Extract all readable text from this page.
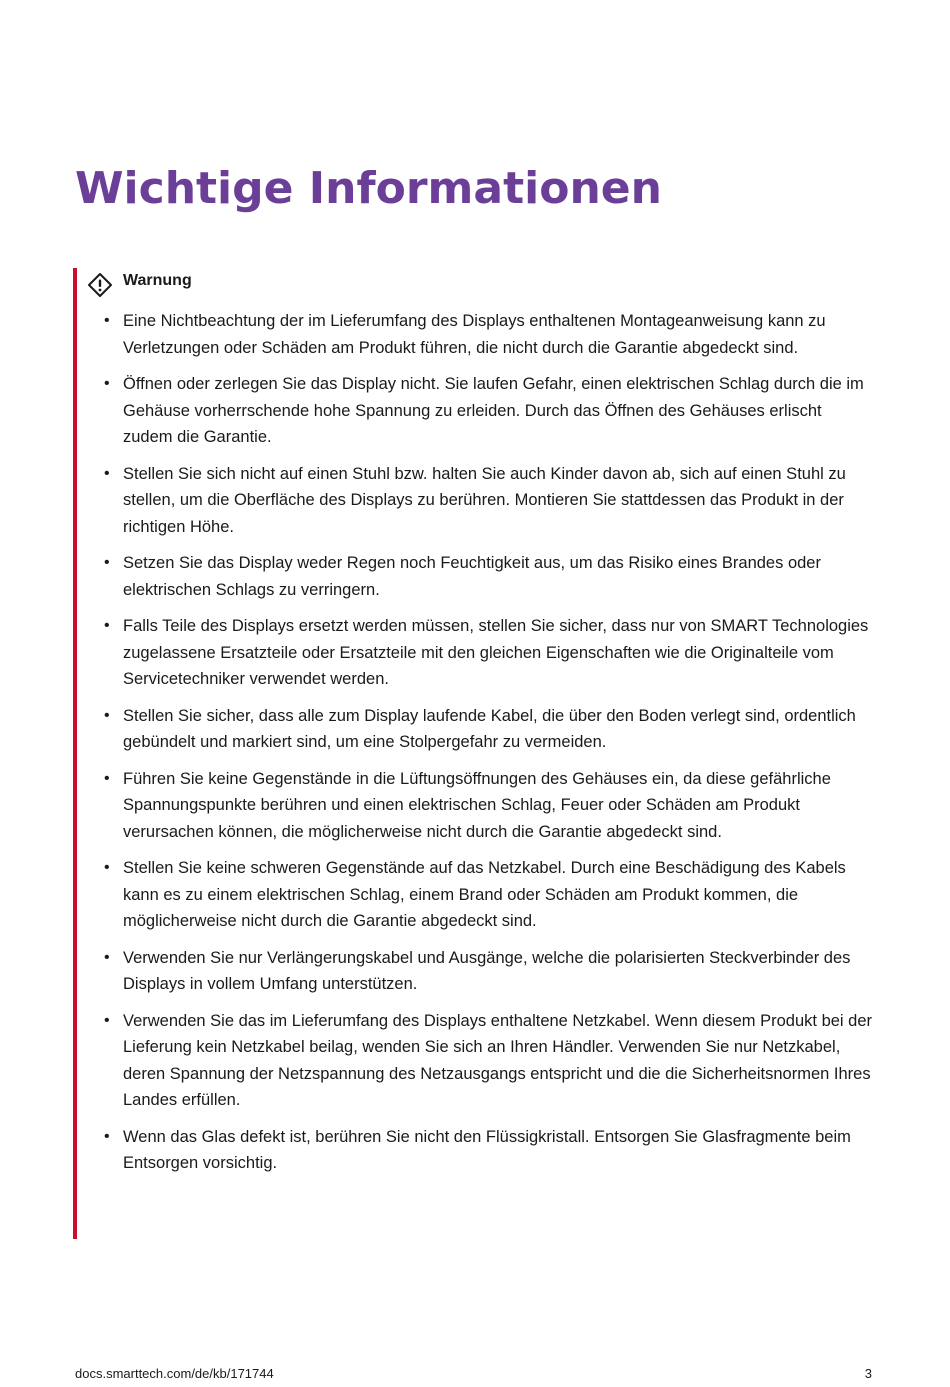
Wichtige Informationen
Warnung
• Eine Nichtbeachtung der im Lieferumfang des Displays enthaltenen Montageanweisung kann zu Verletzungen oder Schäden am Produkt führen, die nicht durch die Garantie abgedeckt sind.
• Öffnen oder zerlegen Sie das Display nicht. Sie laufen Gefahr, einen elektrischen Schlag durch die im Gehäuse vorherrschende hohe Spannung zu erleiden. Durch das Öffnen des Gehäuses erlischt zudem die Garantie.
• Stellen Sie sich nicht auf einen Stuhl bzw. halten Sie auch Kinder davon ab, sich auf einen Stuhl zu stellen, um die Oberfläche des Displays zu berühren. Montieren Sie stattdessen das Produkt in der richtigen Höhe.
• Setzen Sie das Display weder Regen noch Feuchtigkeit aus, um das Risiko eines Brandes oder elektrischen Schlags zu verringern.
• Falls Teile des Displays ersetzt werden müssen, stellen Sie sicher, dass nur von SMART Technologies zugelassene Ersatzteile oder Ersatzteile mit den gleichen Eigenschaften wie die Originalteile vom Servicetechniker verwendet werden.
• Stellen Sie sicher, dass alle zum Display laufende Kabel, die über den Boden verlegt sind, ordentlich gebündelt und markiert sind, um eine Stolpergefahr zu vermeiden.
• Führen Sie keine Gegenstände in die Lüftungsöffnungen des Gehäuses ein, da diese gefährliche Spannungspunkte berühren und einen elektrischen Schlag, Feuer oder Schäden am Produkt verursachen können, die möglicherweise nicht durch die Garantie abgedeckt sind.
• Stellen Sie keine schweren Gegenstände auf das Netzkabel. Durch eine Beschädigung des Kabels kann es zu einem elektrischen Schlag, einem Brand oder Schäden am Produkt kommen, die möglicherweise nicht durch die Garantie abgedeckt sind.
• Verwenden Sie nur Verlängerungskabel und Ausgänge, welche die polarisierten Steckverbinder des Displays in vollem Umfang unterstützen.
• Verwenden Sie das im Lieferumfang des Displays enthaltene Netzkabel. Wenn diesem Produkt bei der Lieferung kein Netzkabel beilag, wenden Sie sich an Ihren Händler. Verwenden Sie nur Netzkabel, deren Spannung der Netzspannung des Netzausgangs entspricht und die die Sicherheitsnormen Ihres Landes erfüllen.
• Wenn das Glas defekt ist, berühren Sie nicht den Flüssigkristall. Entsorgen Sie Glasfragmente beim Entsorgen vorsichtig.
docs.smarttech.com/de/kb/171744	3
